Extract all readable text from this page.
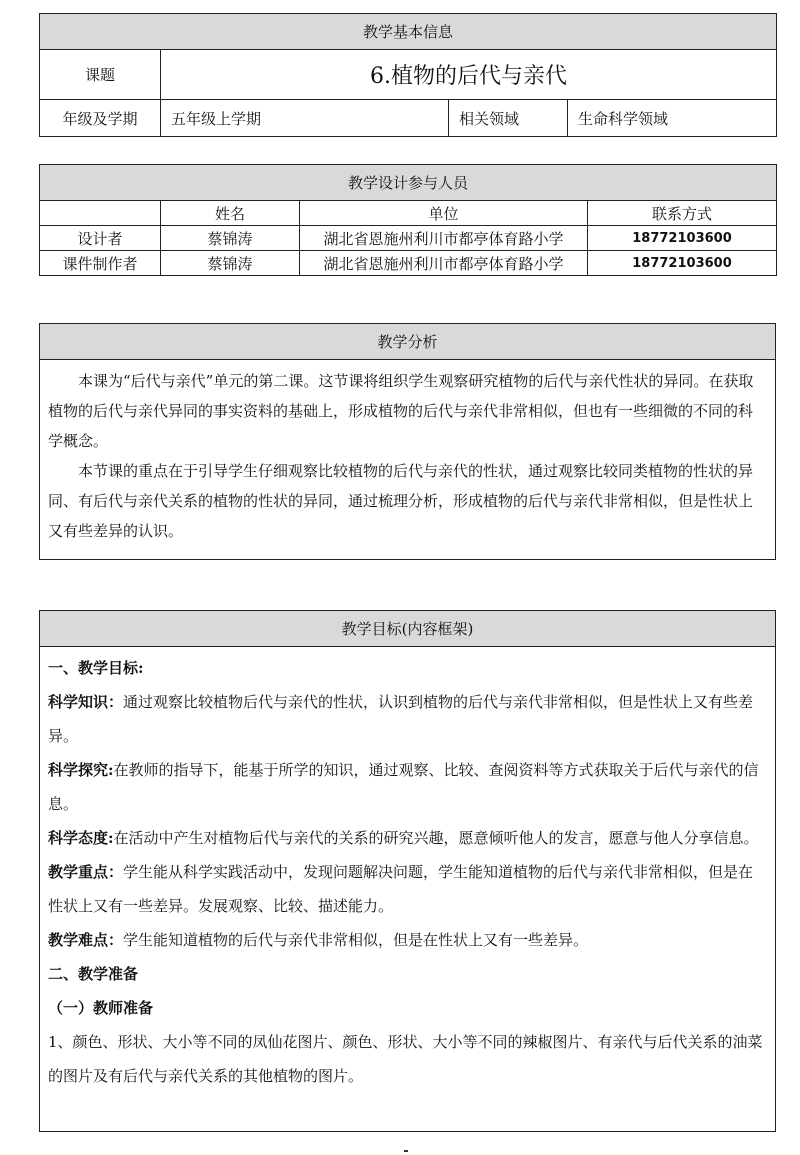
教学基本信息			
课题	6.植物的后代与亲代		
年级及学期	五年级上学期	相关领域	生命科学领域
教学设计参与人员			
	姓名	单位	联系方式
设计者	蔡锦涛	湖北省恩施州利川市都亭体育路小学	18772103600
课件制作者	蔡锦涛	湖北省恩施州利川市都亭体育路小学	18772103600
教学分析

本课为“后代与亲代”单元的第二课。这节课将组织学生观察研究植物的后代与亲代性状的异同。在获取植物的后代与亲代异同的事实资料的基础上，形成植物的后代与亲代非常相似，但也有一些细微的不同的科学概念。

本节课的重点在于引导学生仔细观察比较植物的后代与亲代的性状，通过观察比较同类植物的性状的异同、有后代与亲代关系的植物的性状的异同，通过梳理分析，形成植物的后代与亲代非常相似，但是性状上又有些差异的认识。

教学目标(内容框架)

一、教学目标:

科学知识：通过观察比较植物后代与亲代的性状，认识到植物的后代与亲代非常相似，但是性状上又有些差异。

科学探究:在教师的指导下，能基于所学的知识，通过观察、比较、查阅资料等方式获取关于后代与亲代的信息。

科学态度:在活动中产生对植物后代与亲代的关系的研究兴趣，愿意倾听他人的发言，愿意与他人分享信息。

教学重点：学生能从科学实践活动中，发现问题解决问题，学生能知道植物的后代与亲代非常相似，但是在性状上又有一些差异。发展观察、比较、描述能力。

教学难点：学生能知道植物的后代与亲代非常相似，但是在性状上又有一些差异。

二、教学准备

（一）教师准备

1、颜色、形状、大小等不同的凤仙花图片、颜色、形状、大小等不同的辣椒图片、有亲代与后代关系的油菜的图片及有后代与亲代关系的其他植物的图片。
